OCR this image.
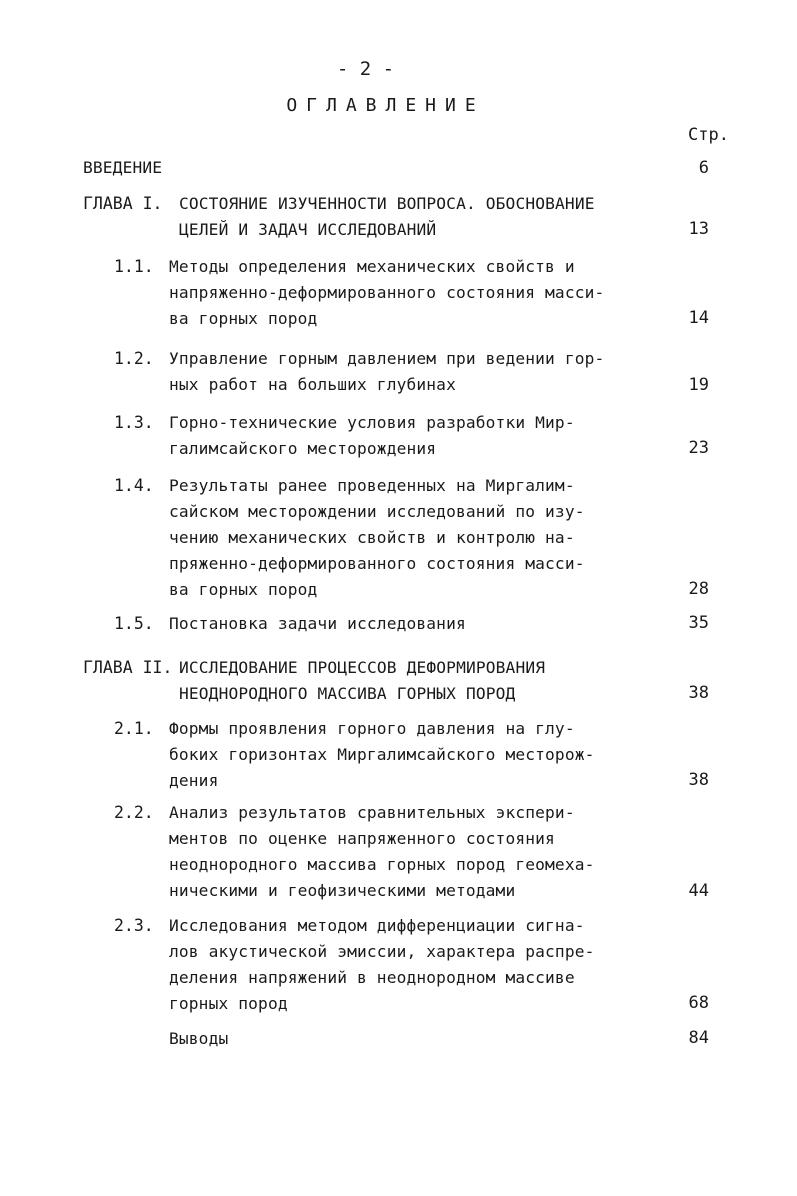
- 2 -
ОГЛАВЛЕНИЕ
Стр.
ВВЕДЕНИЕ	6
ГЛАВА I. СОСТОЯНИЕ ИЗУЧЕННОСТИ ВОПРОСА. ОБОСНОВАНИЕ
ЦЕЛЕЙ И ЗАДАЧ ИССЛЕДОВАНИЙ	13
1.1. Методы определения механических свойств и
напряженно-деформированного состояния масси-
ва горных пород	14
1.2. Управление горным давлением при ведении гор-
ных работ на больших глубинах	19
1.3. Горно-технические условия разработки Мир-
галимсайского месторождения	23
1.4. Результаты ранее проведенных на Миргалим-
сайском месторождении исследований по изу-
чению механических свойств и контролю на-
пряженно-деформированного состояния масси-
ва горных пород	28
1.5. Постановка задачи исследования	35
ГЛАВА II. ИССЛЕДОВАНИЕ ПРОЦЕССОВ ДЕФОРМИРОВАНИЯ
НЕОДНОРОДНОГО МАССИВА ГОРНЫХ ПОРОД	38
2.1. Формы проявления горного давления на глу-
боких горизонтах Миргалимсайского месторож-
дения	38
2.2. Анализ результатов сравнительных экспери-
ментов по оценке напряженного состояния
неоднородного массива горных пород геомеха-
ническими и геофизическими методами	44
2.3. Исследования методом дифференциации сигна-
лов акустической эмиссии, характера распре-
деления напряжений в неоднородном массиве
горных пород	68
Выводы	84
